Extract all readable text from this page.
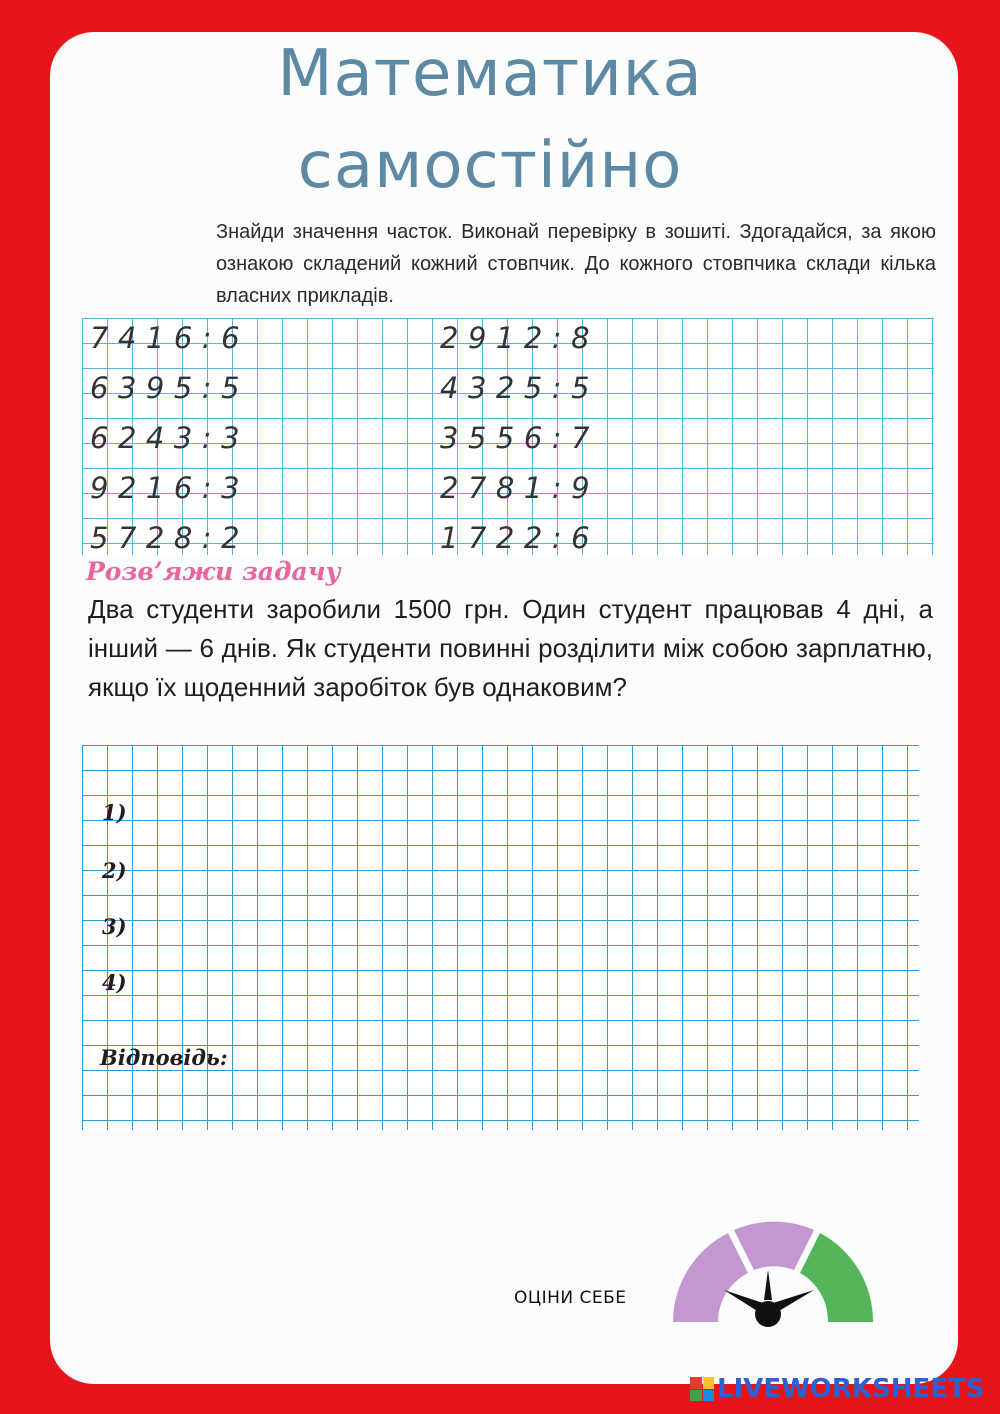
Математика
самостійно
Знайди значення часток. Виконай перевірку в зошиті. Здогадайся, за якою ознакою складений кожний стовпчик. До кожного стовпчика склади кілька власних прикладів.
7416:6
6395:5
6243:3
9216:3
5728:2
2912:8
4325:5
3556:7
2781:9
1722:6
Розв’яжи задачу
Два студенти заробили 1500 грн. Один студент працював 4 дні, а інший — 6 днів. Як студенти повинні розділити між собою зарплатню, якщо їх щоденний заробіток був однаковим?
1)
2)
3)
4)
Відповідь:
ОЦІНИ СЕБЕ
LIVEWORKSHEETS
